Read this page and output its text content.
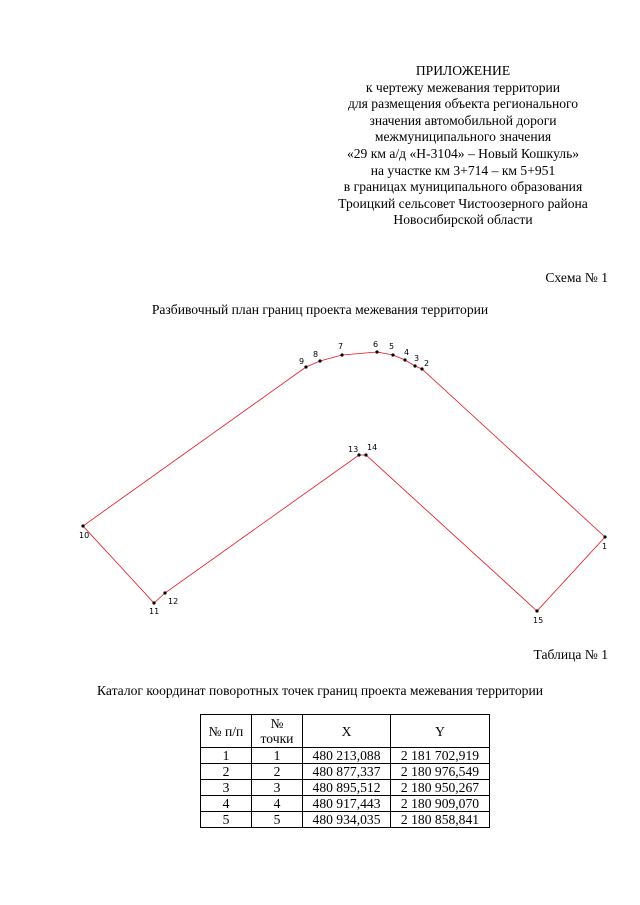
ПРИЛОЖЕНИЕ
к чертежу межевания территории
для размещения объекта регионального
значения автомобильной дороги
межмуниципального значения
«29 км а/д «Н-3104» – Новый Кошкуль»
на участке км 3+714 – км 5+951
в границах муниципального образования
Троицкий сельсовет Чистоозерного района
Новосибирской области
Схема № 1
Разбивочный план границ проекта межевания территории
1
2
3
4
5
6
7
8
9
10
11
12
13 14
15
Таблица № 1
Каталог координат поворотных точек границ проекта межевания территории
№ п/п	№ точки	X	Y
1	1	480 213,088	2 181 702,919
2	2	480 877,337	2 180 976,549
3	3	480 895,512	2 180 950,267
4	4	480 917,443	2 180 909,070
5	5	480 934,035	2 180 858,841
